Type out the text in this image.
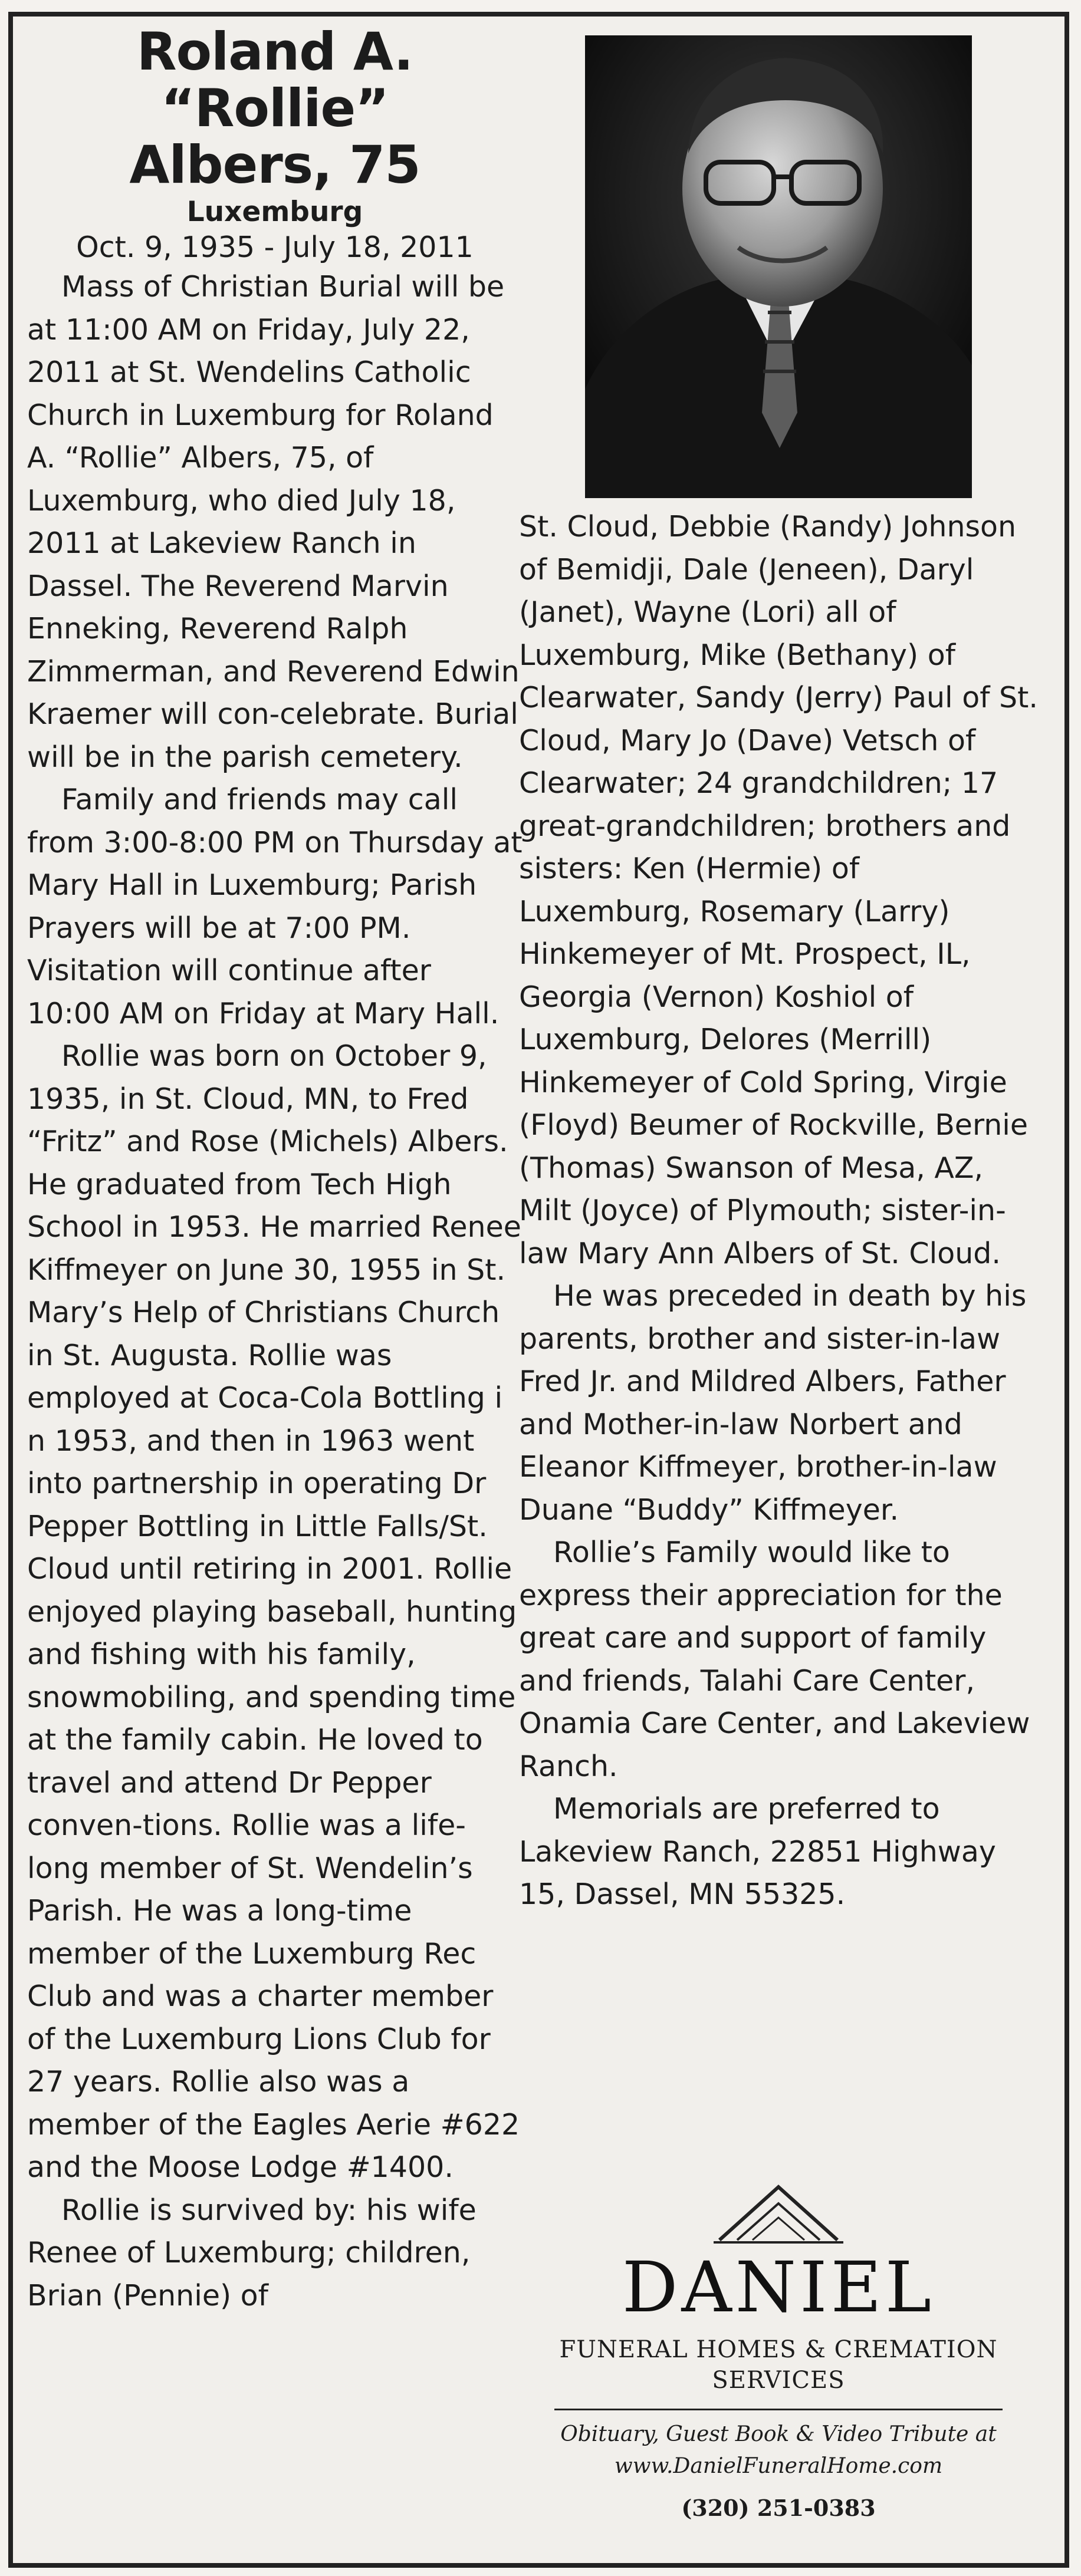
Roland A. “Rollie”
Albers, 75
Luxemburg
Oct. 9, 1935 - July 18, 2011

Mass of Christian Burial will be at 11:00 AM on Friday, July 22, 2011 at St. Wendelins Catholic Church in Luxemburg for Roland A. “Rollie” Albers, 75, of Luxemburg, who died July 18, 2011 at Lakeview Ranch in Dassel. The Reverend Marvin Enneking, Reverend Ralph Zimmerman, and Reverend Edwin Kraemer will con-celebrate. Burial will be in the parish cemetery.

Family and friends may call from 3:00-8:00 PM on Thursday at Mary Hall in Luxemburg; Parish Prayers will be at 7:00 PM. Visitation will continue after 10:00 AM on Friday at Mary Hall.

Rollie was born on October 9, 1935, in St. Cloud, MN, to Fred “Fritz” and Rose (Michels) Albers. He graduated from Tech High School in 1953. He married Renee Kiffmeyer on June 30, 1955 in St. Mary’s Help of Christians Church in St. Augusta. Rollie was employed at Coca-Cola Bottling i n 1953, and then in 1963 went into partnership in operating Dr Pepper Bottling in Little Falls/St. Cloud until retiring in 2001. Rollie enjoyed playing baseball, hunting and fishing with his family, snowmobiling, and spending time at the family cabin. He loved to travel and attend Dr Pepper conven-tions. Rollie was a life-long member of St. Wendelin’s Parish. He was a long-time member of the Luxemburg Rec Club and was a charter member of the Luxemburg Lions Club for 27 years. Rollie also was a member of the Eagles Aerie #622 and the Moose Lodge #1400.

Rollie is survived by: his wife Renee of Luxemburg; children, Brian (Pennie) of

St. Cloud, Debbie (Randy) Johnson of Bemidji, Dale (Jeneen), Daryl (Janet), Wayne (Lori) all of Luxemburg, Mike (Bethany) of Clearwater, Sandy (Jerry) Paul of St. Cloud, Mary Jo (Dave) Vetsch of Clearwater; 24 grandchildren; 17 great-grandchildren; brothers and sisters: Ken (Hermie) of Luxemburg, Rosemary (Larry) Hinkemeyer of Mt. Prospect, IL, Georgia (Vernon) Koshiol of Luxemburg, Delores (Merrill) Hinkemeyer of Cold Spring, Virgie (Floyd) Beumer of Rockville, Bernie (Thomas) Swanson of Mesa, AZ, Milt (Joyce) of Plymouth; sister-in-law Mary Ann Albers of St. Cloud.

He was preceded in death by his parents, brother and sister-in-law Fred Jr. and Mildred Albers, Father and Mother-in-law Norbert and Eleanor Kiffmeyer, brother-in-law Duane “Buddy” Kiffmeyer.

Rollie’s Family would like to express their appreciation for the great care and support of family and friends, Talahi Care Center, Onamia Care Center, and Lakeview Ranch.

Memorials are preferred to Lakeview Ranch, 22851 Highway 15, Dassel, MN 55325.

DANIEL
FUNERAL HOMES & CREMATION SERVICES
Obituary, Guest Book & Video Tribute at
www.DanielFuneralHome.com
(320) 251-0383
